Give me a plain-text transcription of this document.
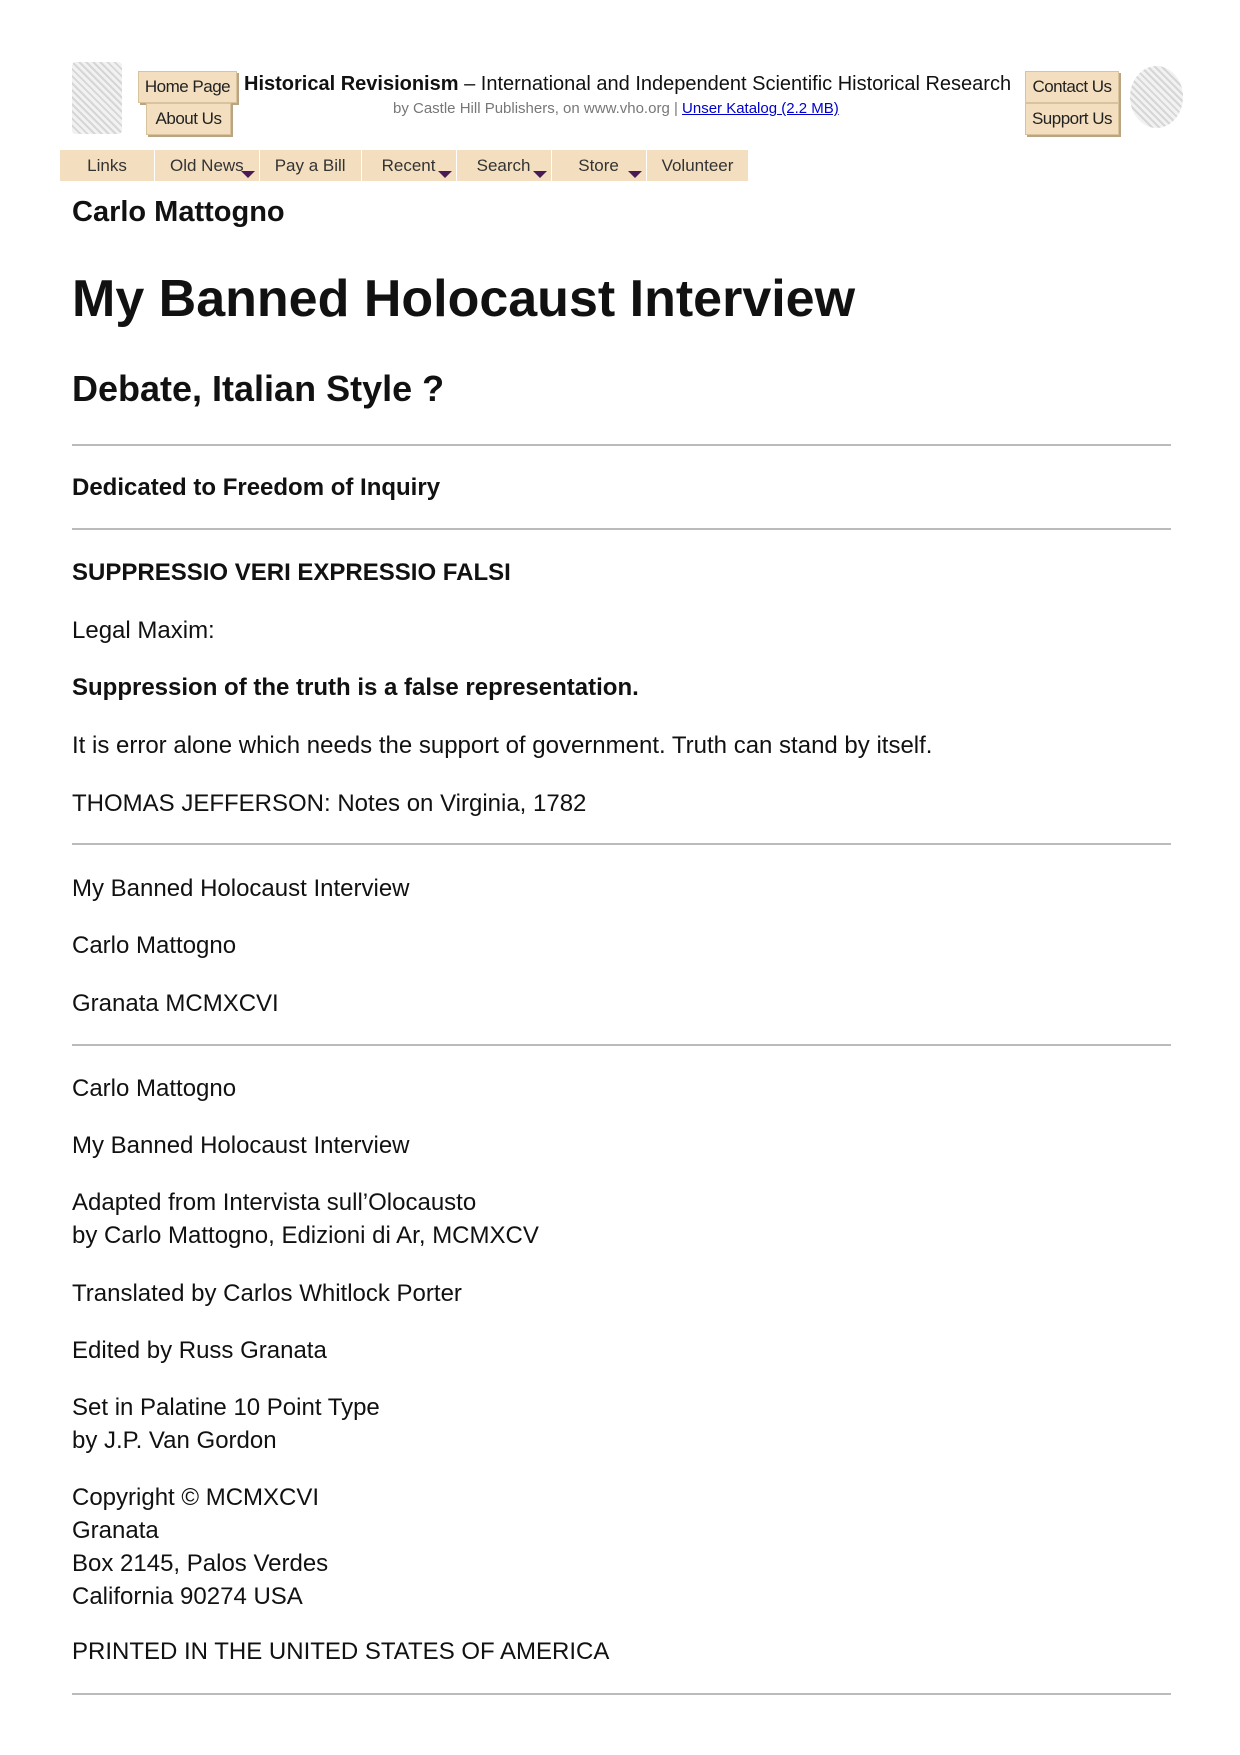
Home Page
About Us
Historical Revisionism – International and Independent Scientific Historical Research
by Castle Hill Publishers, on www.vho.org | Unser Katalog (2.2 MB)
Contact Us
Support Us
Links	Old News Pay a Bill Recent Search	Store	Volunteer
Carlo Mattogno
My Banned Holocaust Interview
Debate, Italian Style ?
Dedicated to Freedom of Inquiry
SUPPRESSIO VERI EXPRESSIO FALSI
Legal Maxim:
Suppression of the truth is a false representation.
It is error alone which needs the support of government. Truth can stand by itself.
THOMAS JEFFERSON: Notes on Virginia, 1782
My Banned Holocaust Interview
Carlo Mattogno
Granata MCMXCVI
Carlo Mattogno
My Banned Holocaust Interview
Adapted from Intervista sull’Olocausto
by Carlo Mattogno, Edizioni di Ar, MCMXCV
Translated by Carlos Whitlock Porter
Edited by Russ Granata
Set in Palatine 10 Point Type
by J.P. Van Gordon
Copyright © MCMXCVI
Granata
Box 2145, Palos Verdes
California 90274 USA
PRINTED IN THE UNITED STATES OF AMERICA
